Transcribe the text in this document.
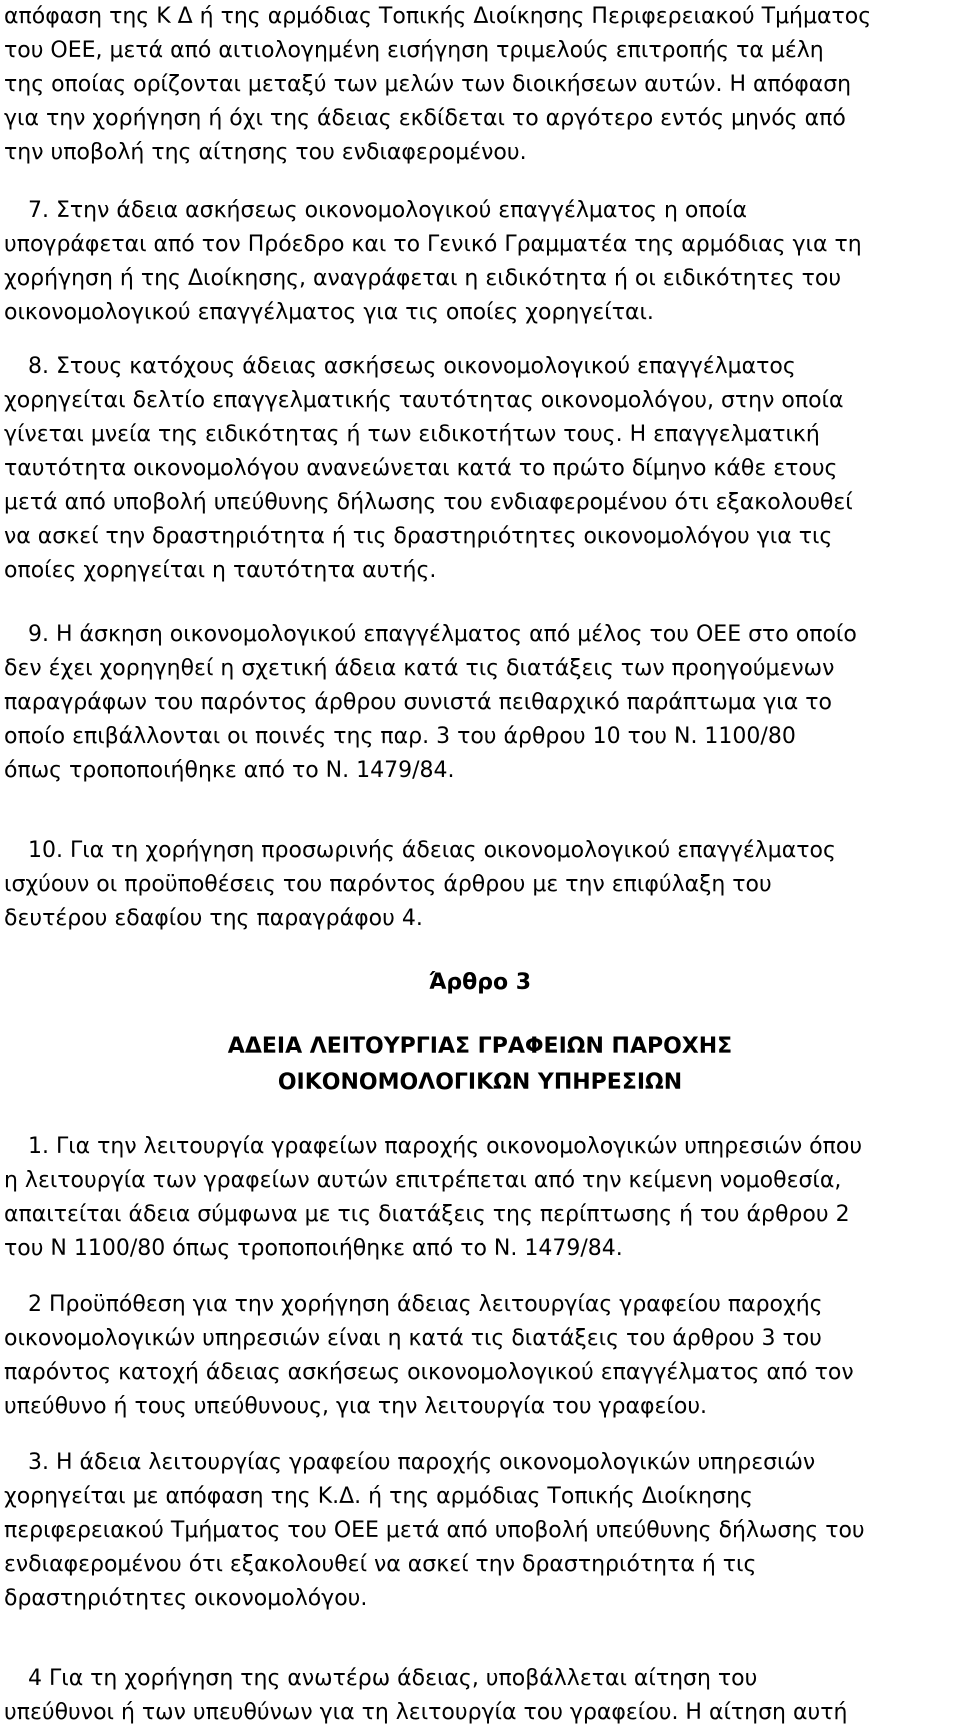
απόφαση της Κ Δ ή της αρμόδιας Τοπικής Διοίκησης Περιφερειακού Τμήματος
του ΟΕΕ, μετά από αιτιολογημένη εισήγηση τριμελούς επιτροπής τα μέλη
της οποίας ορίζονται μεταξύ των μελών των διοικήσεων αυτών. Η απόφαση
για την χορήγηση ή όχι της άδειας εκδίδεται το αργότερο εντός μηνός από
την υποβολή της αίτησης του ενδιαφερομένου.
7. Στην άδεια ασκήσεως οικονομολογικού επαγγέλματος η οποία
υπογράφεται από τον Πρόεδρο και το Γενικό Γραμματέα της αρμόδιας για τη
χορήγηση ή της Διοίκησης, αναγράφεται η ειδικότητα ή οι ειδικότητες του
οικονομολογικού επαγγέλματος για τις οποίες χορηγείται.
8. Στους κατόχους άδειας ασκήσεως οικονομολογικού επαγγέλματος
χορηγείται δελτίο επαγγελματικής ταυτότητας οικονομολόγου, στην οποία
γίνεται μνεία της ειδικότητας ή των ειδικοτήτων τους. Η επαγγελματική
ταυτότητα οικονομολόγου ανανεώνεται κατά το πρώτο δίμηνο κάθε ετους
μετά από υποβολή υπεύθυνης δήλωσης του ενδιαφερομένου ότι εξακολουθεί
να ασκεί την δραστηριότητα ή τις δραστηριότητες οικονομολόγου για τις
οποίες χορηγείται η ταυτότητα αυτής.
9. Η άσκηση οικονομολογικού επαγγέλματος από μέλος του ΟΕΕ στο οποίο
δεν έχει χορηγηθεί η σχετική άδεια κατά τις διατάξεις των προηγούμενων
παραγράφων του παρόντος άρθρου συνιστά πειθαρχικό παράπτωμα για το
οποίο επιβάλλονται οι ποινές της παρ. 3 του άρθρου 10 του Ν. 1100/80
όπως τροποποιήθηκε από το Ν. 1479/84.
10. Για τη χορήγηση προσωρινής άδειας οικονομολογικού επαγγέλματος
ισχύουν οι προϋποθέσεις του παρόντος άρθρου με την επιφύλαξη του
δευτέρου εδαφίου της παραγράφου 4.
Άρθρο 3
ΑΔΕΙΑ ΛΕΙΤΟΥΡΓΙΑΣ ΓΡΑΦΕΙΩΝ ΠΑΡΟΧΗΣ
ΟΙΚΟΝΟΜΟΛΟΓΙΚΩΝ ΥΠΗΡΕΣΙΩΝ
1. Για την λειτουργία γραφείων παροχής οικονομολογικών υπηρεσιών όπου
η λειτουργία των γραφείων αυτών επιτρέπεται από την κείμενη νομοθεσία,
απαιτείται άδεια σύμφωνα με τις διατάξεις της περίπτωσης ή του άρθρου 2
του Ν 1100/80 όπως τροποποιήθηκε από το Ν. 1479/84.
2 Προϋπόθεση για την χορήγηση άδειας λειτουργίας γραφείου παροχής
οικονομολογικών υπηρεσιών είναι η κατά τις διατάξεις του άρθρου 3 του
παρόντος κατοχή άδειας ασκήσεως οικονομολογικού επαγγέλματος από τον
υπεύθυνο ή τους υπεύθυνους, για την λειτουργία του γραφείου.
3. Η άδεια λειτουργίας γραφείου παροχής οικονομολογικών υπηρεσιών
χορηγείται με απόφαση της Κ.Δ. ή της αρμόδιας Τοπικής Διοίκησης
περιφερειακού Τμήματος του ΟΕΕ μετά από υποβολή υπεύθυνης δήλωσης του
ενδιαφερομένου ότι εξακολουθεί να ασκεί την δραστηριότητα ή τις
δραστηριότητες οικονομολόγου.
4 Για τη χορήγηση της ανωτέρω άδειας, υποβάλλεται αίτηση του
υπεύθυνοι ή των υπευθύνων για τη λειτουργία του γραφείου. Η αίτηση αυτή
